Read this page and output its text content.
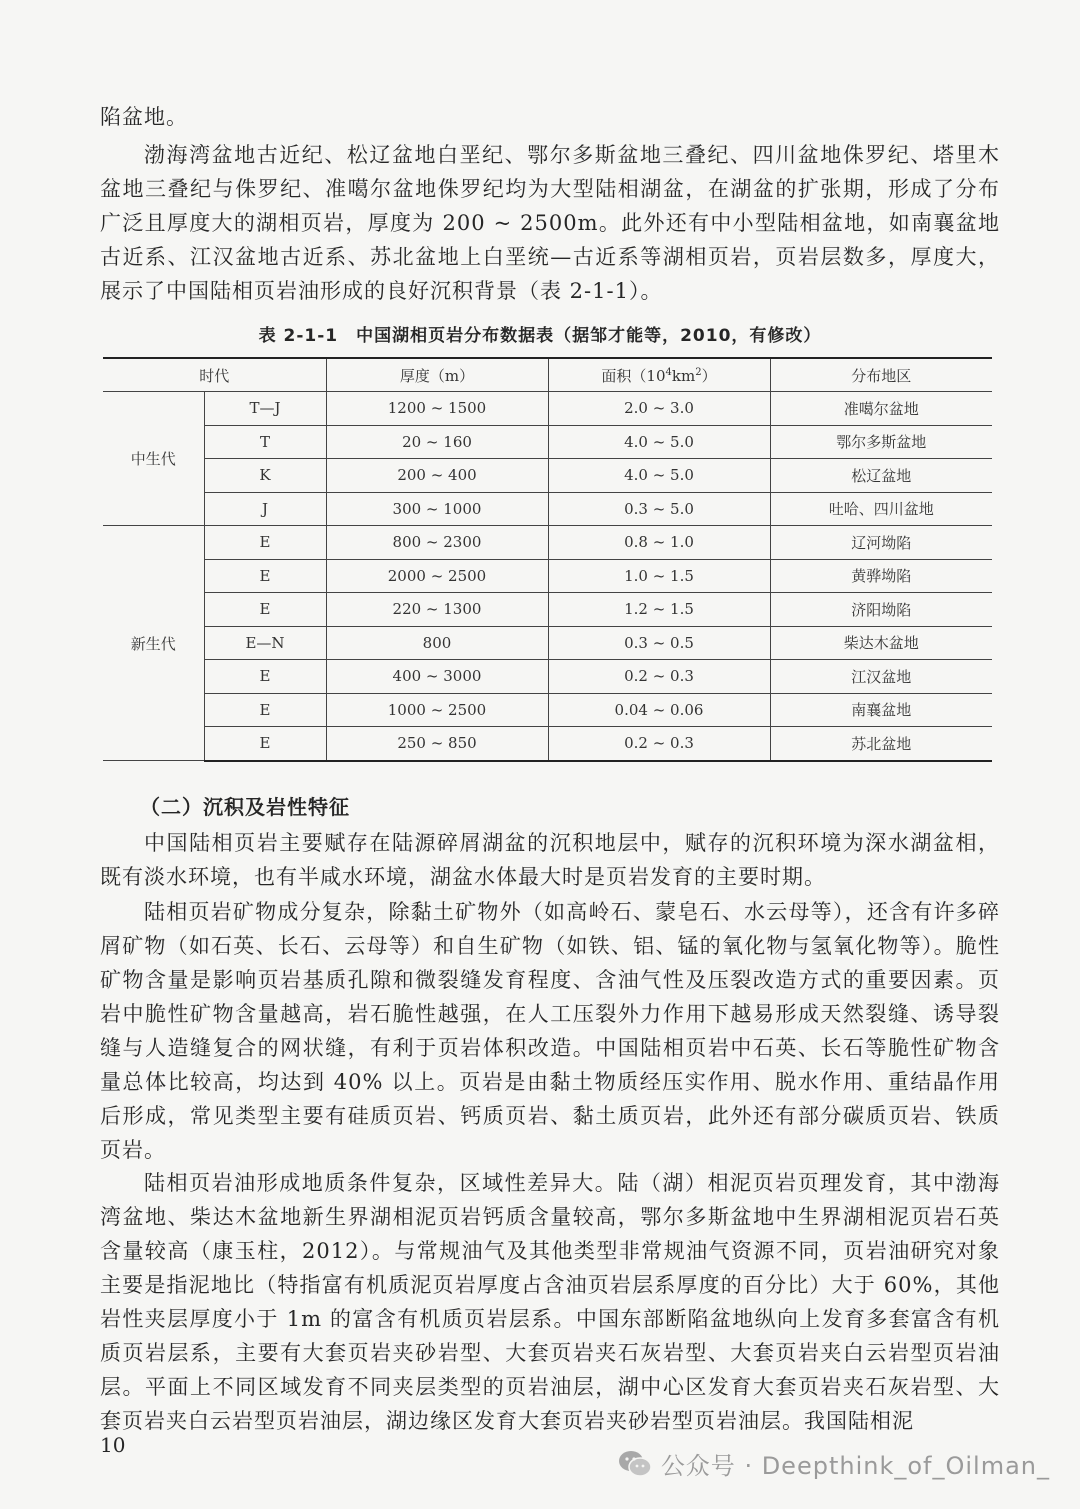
陷盆地。

渤海湾盆地古近纪、松辽盆地白垩纪、鄂尔多斯盆地三叠纪、四川盆地侏罗纪、塔里木盆地三叠纪与侏罗纪、准噶尔盆地侏罗纪均为大型陆相湖盆，在湖盆的扩张期，形成了分布广泛且厚度大的湖相页岩，厚度为 200 ~ 2500m。此外还有中小型陆相盆地，如南襄盆地古近系、江汉盆地古近系、苏北盆地上白垩统—古近系等湖相页岩，页岩层数多，厚度大，展示了中国陆相页岩油形成的良好沉积背景（表 2-1-1）。

表 2-1-1　中国湖相页岩分布数据表（据邹才能等，2010，有修改）
时代		厚度（m）	面积$(10^4km^2)$	分布地区
中生代	T—J	1200 ~ 1500	2.0 ~ 3.0	准噶尔盆地
	T	20 ~ 160	4.0 ~ 5.0	鄂尔多斯盆地
	K	200 ~ 400	4.0 ~ 5.0	松辽盆地
	J	300 ~ 1000	0.3 ~ 5.0	吐哈、四川盆地
新生代	E	800 ~ 2300	0.8 ~ 1.0	辽河坳陷
	E	2000 ~ 2500	1.0 ~ 1.5	黄骅坳陷
	E	220 ~ 1300	1.2 ~ 1.5	济阳坳陷
	E—N	800	0.3 ~ 0.5	柴达木盆地
	E	400 ~ 3000	0.2 ~ 0.3	江汉盆地
	E	1000 ~ 2500	0.04 ~ 0.06	南襄盆地
	E	250 ~ 850	0.2 ~ 0.3	苏北盆地
（二）沉积及岩性特征

中国陆相页岩主要赋存在陆源碎屑湖盆的沉积地层中，赋存的沉积环境为深水湖盆相，既有淡水环境，也有半咸水环境，湖盆水体最大时是页岩发育的主要时期。

陆相页岩矿物成分复杂，除黏土矿物外（如高岭石、蒙皂石、水云母等），还含有许多碎屑矿物（如石英、长石、云母等）和自生矿物（如铁、铝、锰的氧化物与氢氧化物等）。脆性矿物含量是影响页岩基质孔隙和微裂缝发育程度、含油气性及压裂改造方式的重要因素。页岩中脆性矿物含量越高，岩石脆性越强，在人工压裂外力作用下越易形成天然裂缝、诱导裂缝与人造缝复合的网状缝，有利于页岩体积改造。中国陆相页岩中石英、长石等脆性矿物含量总体比较高，均达到 40% 以上。页岩是由黏土物质经压实作用、脱水作用、重结晶作用后形成，常见类型主要有硅质页岩、钙质页岩、黏土质页岩，此外还有部分碳质页岩、铁质页岩。

陆相页岩油形成地质条件复杂，区域性差异大。陆（湖）相泥页岩页理发育，其中渤海湾盆地、柴达木盆地新生界湖相泥页岩钙质含量较高，鄂尔多斯盆地中生界湖相泥页岩石英含量较高（康玉柱，2012）。与常规油气及其他类型非常规油气资源不同，页岩油研究对象主要是指泥地比（特指富有机质泥页岩厚度占含油页岩层系厚度的百分比）大于 60%，其他岩性夹层厚度小于 1m 的富含有机质页岩层系。中国东部断陷盆地纵向上发育多套富含有机质页岩层系，主要有大套页岩夹砂岩型、大套页岩夹石灰岩型、大套页岩夹白云岩型页岩油层。平面上不同区域发育不同夹层类型的页岩油层，湖中心区发育大套页岩夹石灰岩型、大套页岩夹白云岩型页岩油层，湖边缘区发育大套页岩夹砂岩型页岩油层。我国陆相泥

10
公众号 · Deepthink_of_Oilman_
